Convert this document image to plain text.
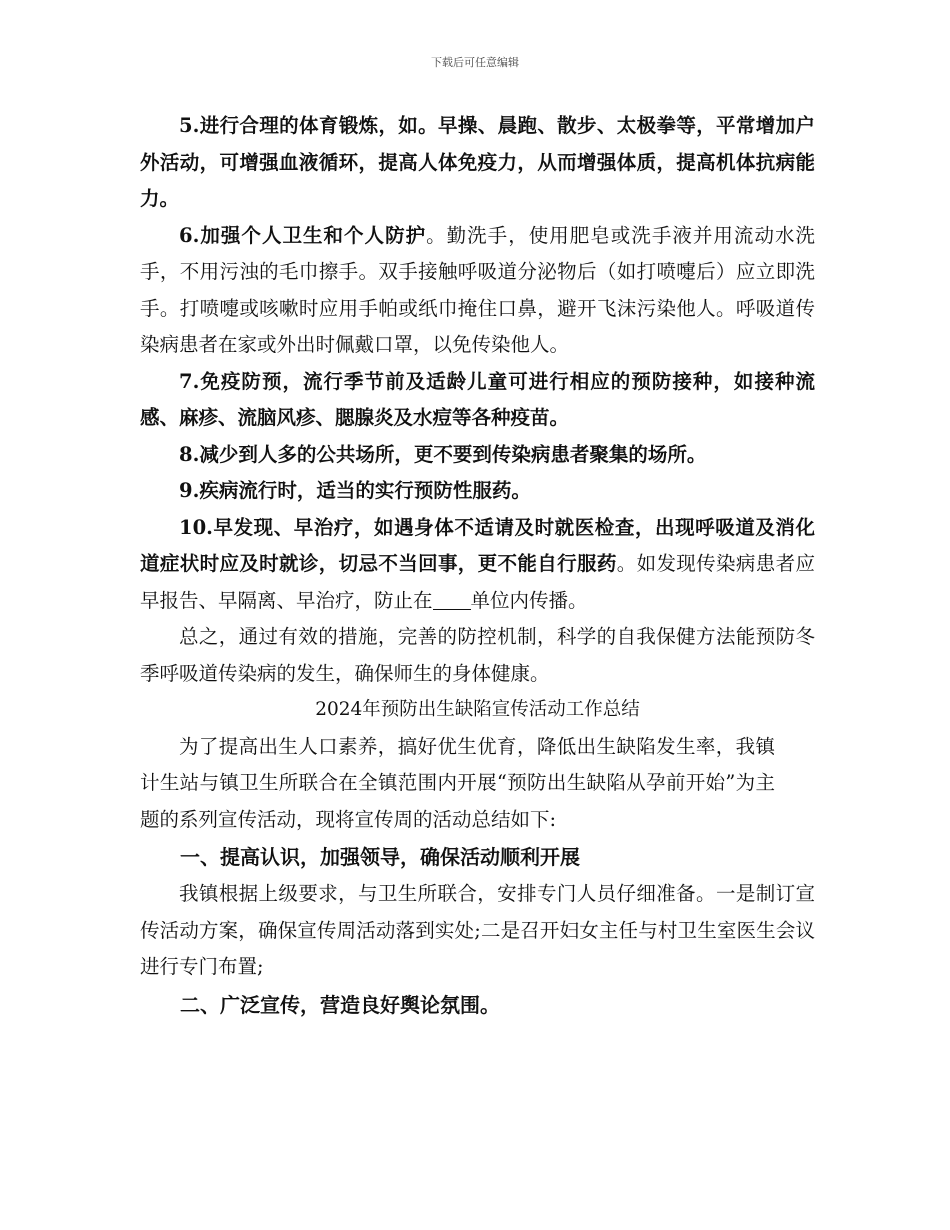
下载后可任意编辑

5.进行合理的体育锻炼，如。早操、晨跑、散步、太极拳等，平常增加户外活动，可增强血液循环，提高人体免疫力，从而增强体质，提高机体抗病能力。

6.加强个人卫生和个人防护。勤洗手，使用肥皂或洗手液并用流动水洗手，不用污浊的毛巾擦手。双手接触呼吸道分泌物后（如打喷嚏后）应立即洗手。打喷嚏或咳嗽时应用手帕或纸巾掩住口鼻，避开飞沫污染他人。呼吸道传染病患者在家或外出时佩戴口罩，以免传染他人。

7.免疫防预，流行季节前及适龄儿童可进行相应的预防接种，如接种流感、麻疹、流脑风疹、腮腺炎及水痘等各种疫苗。

8.减少到人多的公共场所，更不要到传染病患者聚集的场所。

9.疾病流行时，适当的实行预防性服药。

10.早发现、早治疗，如遇身体不适请及时就医检查，出现呼吸道及消化道症状时应及时就诊，切忌不当回事，更不能自行服药。如发现传染病患者应早报告、早隔离、早治疗，防止在 单位内传播。

总之，通过有效的措施，完善的防控机制，科学的自我保健方法能预防冬季呼吸道传染病的发生，确保师生的身体健康。

2024年预防出生缺陷宣传活动工作总结

为了提高出生人口素养，搞好优生优育，降低出生缺陷发生率，我镇计生站与镇卫生所联合在全镇范围内开展“预防出生缺陷从孕前开始”为主题的系列宣传活动，现将宣传周的活动总结如下:

一、提高认识，加强领导，确保活动顺利开展

我镇根据上级要求，与卫生所联合，安排专门人员仔细准备。一是制订宣传活动方案，确保宣传周活动落到实处;二是召开妇女主任与村卫生室医生会议进行专门布置;

二、广泛宣传，营造良好舆论氛围。
